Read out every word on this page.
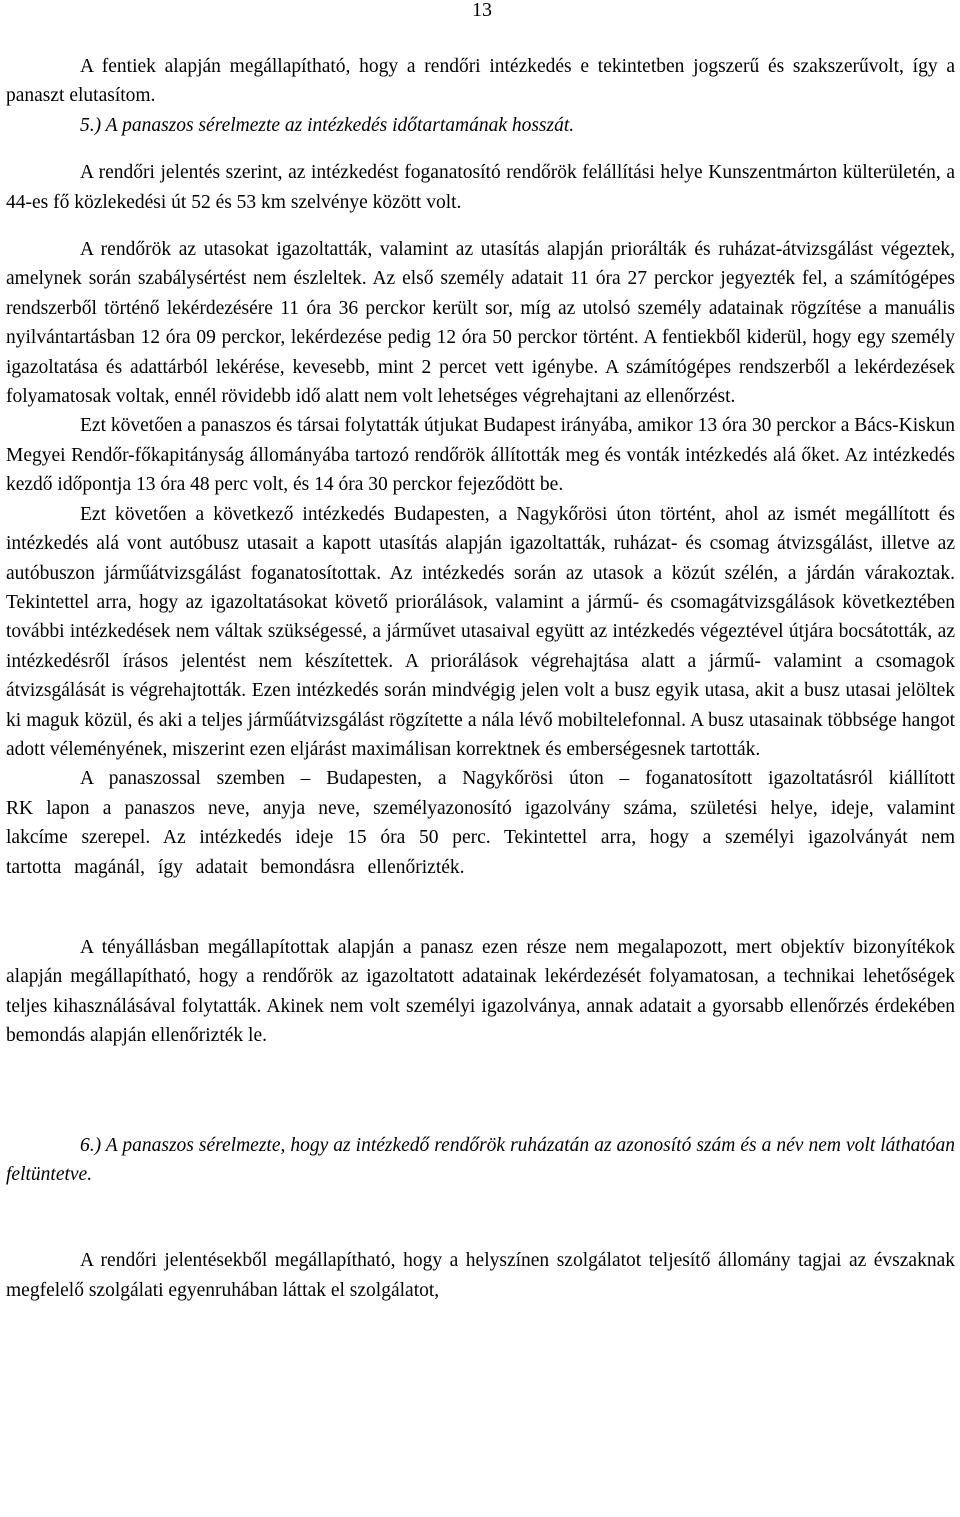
13

A fentiek alapján megállapítható, hogy a rendőri intézkedés e tekintetben jogszerű és szakszerűvolt, így a panaszt elutasítom.

5.) A panaszos sérelmezte az intézkedés időtartamának hosszát.

A rendőri jelentés szerint, az intézkedést foganatosító rendőrök felállítási helye Kunszentmárton külterületén, a 44-es fő közlekedési út 52 és 53 km szelvénye között volt.

A rendőrök az utasokat igazoltatták, valamint az utasítás alapján priorálták és ruházat-átvizsgálást végeztek, amelynek során szabálysértést nem észleltek. Az első személy adatait 11 óra 27 perckor jegyezték fel, a számítógépes rendszerből történő lekérdezésére 11 óra 36 perckor került sor, míg az utolsó személy adatainak rögzítése a manuális nyilvántartásban 12 óra 09 perckor, lekérdezése pedig 12 óra 50 perckor történt. A fentiekből kiderül, hogy egy személy igazoltatása és adattárból lekérése, kevesebb, mint 2 percet vett igénybe. A számítógépes rendszerből a lekérdezések folyamatosak voltak, ennél rövidebb idő alatt nem volt lehetséges végrehajtani az ellenőrzést.

Ezt követően a panaszos és társai folytatták útjukat Budapest irányába, amikor 13 óra 30 perckor a Bács-Kiskun Megyei Rendőr-főkapitányság állományába tartozó rendőrök állították meg és vonták intézkedés alá őket. Az intézkedés kezdő időpontja 13 óra 48 perc volt, és 14 óra 30 perckor fejeződött be.

Ezt követően a következő intézkedés Budapesten, a Nagykőrösi úton történt, ahol az ismét megállított és intézkedés alá vont autóbusz utasait a kapott utasítás alapján igazoltatták, ruházat- és csomag átvizsgálást, illetve az autóbuszon járműátvizsgálást foganatosítottak. Az intézkedés során az utasok a közút szélén, a járdán várakoztak. Tekintettel arra, hogy az igazoltatásokat követő priorálások, valamint a jármű- és csomagátvizsgálások következtében további intézkedések nem váltak szükségessé, a járművet utasaival együtt az intézkedés végeztével útjára bocsátották, az intézkedésről írásos jelentést nem készítettek. A priorálások végrehajtása alatt a jármű- valamint a csomagok átvizsgálását is végrehajtották. Ezen intézkedés során mindvégig jelen volt a busz egyik utasa, akit a busz utasai jelöltek ki maguk közül, és aki a teljes járműátvizsgálást rögzítette a nála lévő mobiltelefonnal. A busz utasainak többsége hangot adott véleményének, miszerint ezen eljárást maximálisan korrektnek és emberségesnek tartották.

A panaszossal szemben – Budapesten, a Nagykőrösi úton – foganatosított igazoltatásról kiállított RK lapon a panaszos neve, anyja neve, személyazonosító igazolvány száma, születési helye, ideje, valamint lakcíme szerepel. Az intézkedés ideje 15 óra 50 perc. Tekintettel arra, hogy a személyi igazolványát nem tartotta magánál, így adatait bemondásra ellenőrizték.

A tényállásban megállapítottak alapján a panasz ezen része nem megalapozott, mert objektív bizonyítékok alapján megállapítható, hogy a rendőrök az igazoltatott adatainak lekérdezését folyamatosan, a technikai lehetőségek teljes kihasználásával folytatták. Akinek nem volt személyi igazolványa, annak adatait a gyorsabb ellenőrzés érdekében bemondás alapján ellenőrizték le.

6.) A panaszos sérelmezte, hogy az intézkedő rendőrök ruházatán az azonosító szám és a név nem volt láthatóan feltüntetve.

A rendőri jelentésekből megállapítható, hogy a helyszínen szolgálatot teljesítő állomány tagjai az évszaknak megfelelő szolgálati egyenruhában láttak el szolgálatot,
